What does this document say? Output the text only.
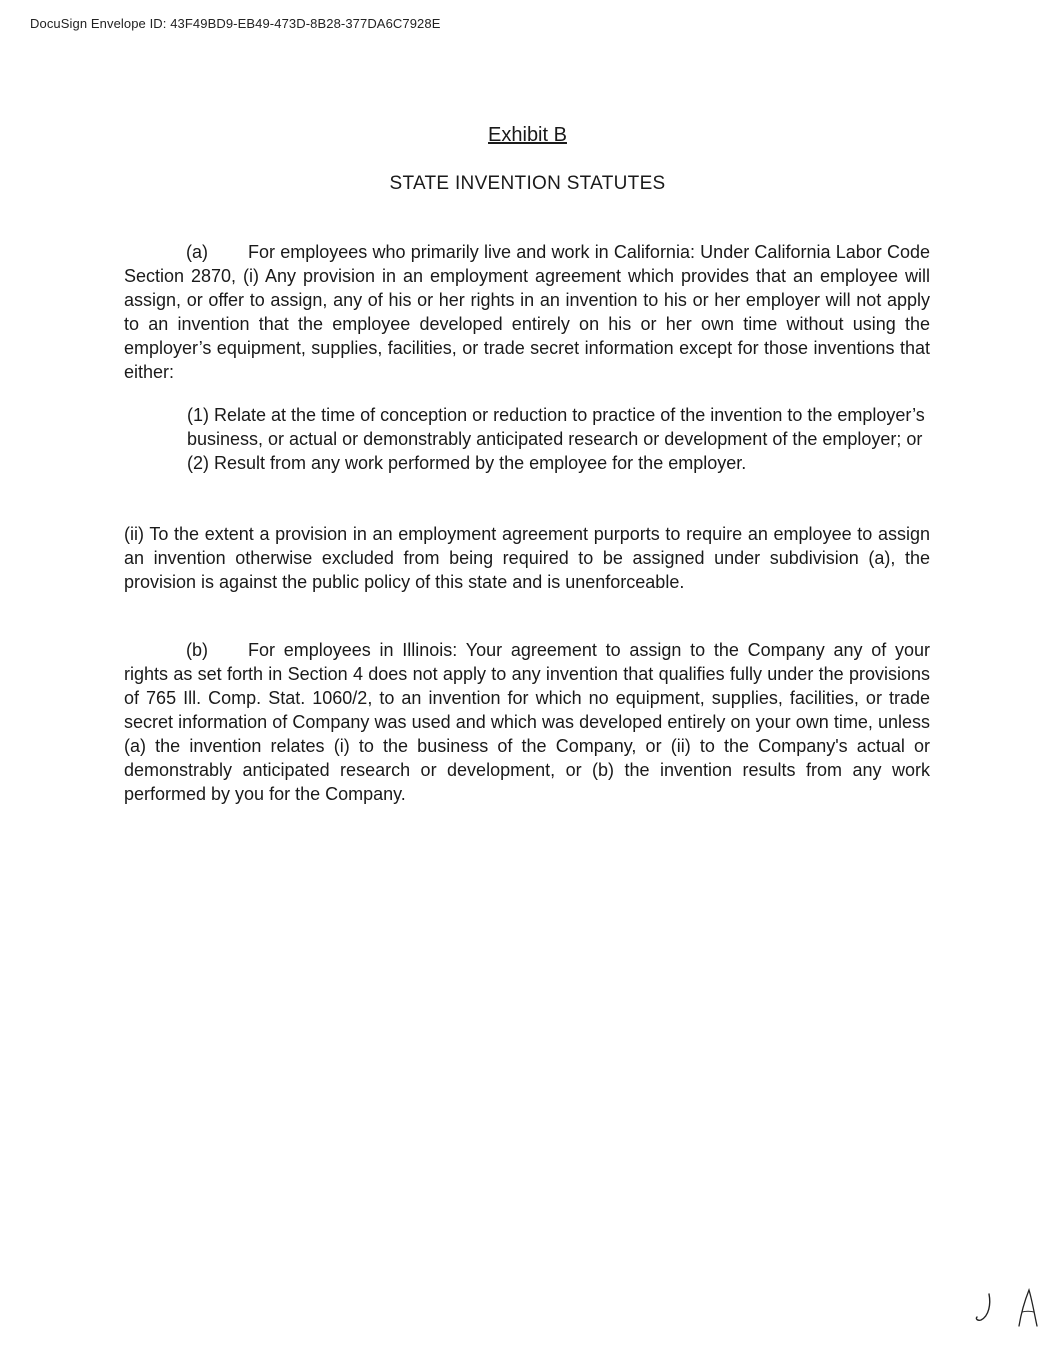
DocuSign Envelope ID: 43F49BD9-EB49-473D-8B28-377DA6C7928E
Exhibit B
STATE INVENTION STATUTES

(a) For employees who primarily live and work in California: Under California Labor Code Section 2870, (i) Any provision in an employment agreement which provides that an employee will assign, or offer to assign, any of his or her rights in an invention to his or her employer will not apply to an invention that the employee developed entirely on his or her own time without using the employer’s equipment, supplies, facilities, or trade secret information except for those inventions that either:

(1) Relate at the time of conception or reduction to practice of the invention to the employer’s business, or actual or demonstrably anticipated research or development of the employer; or

(2) Result from any work performed by the employee for the employer.

(ii) To the extent a provision in an employment agreement purports to require an employee to assign an invention otherwise excluded from being required to be assigned under subdivision (a), the provision is against the public policy of this state and is unenforceable.

(b) For employees in Illinois: Your agreement to assign to the Company any of your rights as set forth in Section 4 does not apply to any invention that qualifies fully under the provisions of 765 Ill. Comp. Stat. 1060/2, to an invention for which no equipment, supplies, facilities, or trade secret information of Company was used and which was developed entirely on your own time, unless (a) the invention relates (i) to the business of the Company, or (ii) to the Company's actual or demonstrably anticipated research or development, or (b) the invention results from any work performed by you for the Company.
